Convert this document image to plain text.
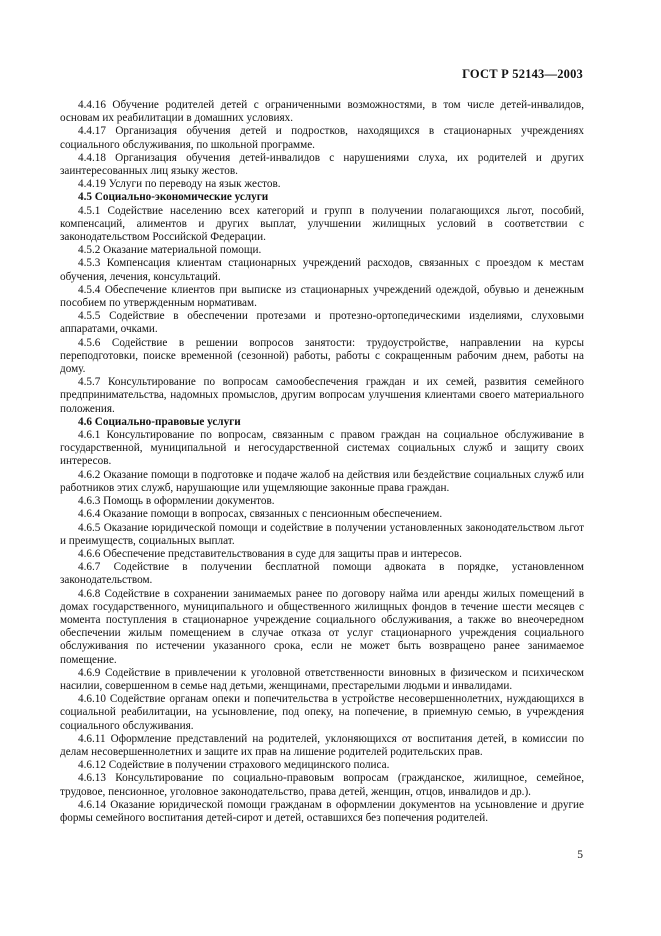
ГОСТ Р 52143—2003

4.4.16 Обучение родителей детей с ограниченными возможностями, в том числе детей-инвалидов, основам их реабилитации в домашних условиях.

4.4.17 Организация обучения детей и подростков, находящихся в стационарных учреждениях социального обслуживания, по школьной программе.

4.4.18 Организация обучения детей-инвалидов с нарушениями слуха, их родителей и других заинтересованных лиц языку жестов.

4.4.19 Услуги по переводу на язык жестов.

4.5 Социально-экономические услуги

4.5.1 Содействие населению всех категорий и групп в получении полагающихся льгот, пособий, компенсаций, алиментов и других выплат, улучшении жилищных условий в соответствии с законодательством Российской Федерации.

4.5.2 Оказание материальной помощи.

4.5.3 Компенсация клиентам стационарных учреждений расходов, связанных с проездом к местам обучения, лечения, консультаций.

4.5.4 Обеспечение клиентов при выписке из стационарных учреждений одеждой, обувью и денежным пособием по утвержденным нормативам.

4.5.5 Содействие в обеспечении протезами и протезно-ортопедическими изделиями, слуховыми аппаратами, очками.

4.5.6 Содействие в решении вопросов занятости: трудоустройстве, направлении на курсы переподготовки, поиске временной (сезонной) работы, работы с сокращенным рабочим днем, работы на дому.

4.5.7 Консультирование по вопросам самообеспечения граждан и их семей, развития семейного предпринимательства, надомных промыслов, другим вопросам улучшения клиентами своего материального положения.

4.6 Социально-правовые услуги

4.6.1 Консультирование по вопросам, связанным с правом граждан на социальное обслуживание в государственной, муниципальной и негосударственной системах социальных служб и защиту своих интересов.

4.6.2 Оказание помощи в подготовке и подаче жалоб на действия или бездействие социальных служб или работников этих служб, нарушающие или ущемляющие законные права граждан.

4.6.3 Помощь в оформлении документов.

4.6.4 Оказание помощи в вопросах, связанных с пенсионным обеспечением.

4.6.5 Оказание юридической помощи и содействие в получении установленных законодательством льгот и преимуществ, социальных выплат.

4.6.6 Обеспечение представительствования в суде для защиты прав и интересов.

4.6.7 Содействие в получении бесплатной помощи адвоката в порядке, установленном законодательством.

4.6.8 Содействие в сохранении занимаемых ранее по договору найма или аренды жилых помещений в домах государственного, муниципального и общественного жилищных фондов в течение шести месяцев с момента поступления в стационарное учреждение социального обслуживания, а также во внеочередном обеспечении жилым помещением в случае отказа от услуг стационарного учреждения социального обслуживания по истечении указанного срока, если не может быть возвращено ранее занимаемое помещение.

4.6.9 Содействие в привлечении к уголовной ответственности виновных в физическом и психическом насилии, совершенном в семье над детьми, женщинами, престарелыми людьми и инвалидами.

4.6.10 Содействие органам опеки и попечительства в устройстве несовершеннолетних, нуждающихся в социальной реабилитации, на усыновление, под опеку, на попечение, в приемную семью, в учреждения социального обслуживания.

4.6.11 Оформление представлений на родителей, уклоняющихся от воспитания детей, в комиссии по делам несовершеннолетних и защите их прав на лишение родителей родительских прав.

4.6.12 Содействие в получении страхового медицинского полиса.

4.6.13 Консультирование по социально-правовым вопросам (гражданское, жилищное, семейное, трудовое, пенсионное, уголовное законодательство, права детей, женщин, отцов, инвалидов и др.).

4.6.14 Оказание юридической помощи гражданам в оформлении документов на усыновление и другие формы семейного воспитания детей-сирот и детей, оставшихся без попечения родителей.

5
